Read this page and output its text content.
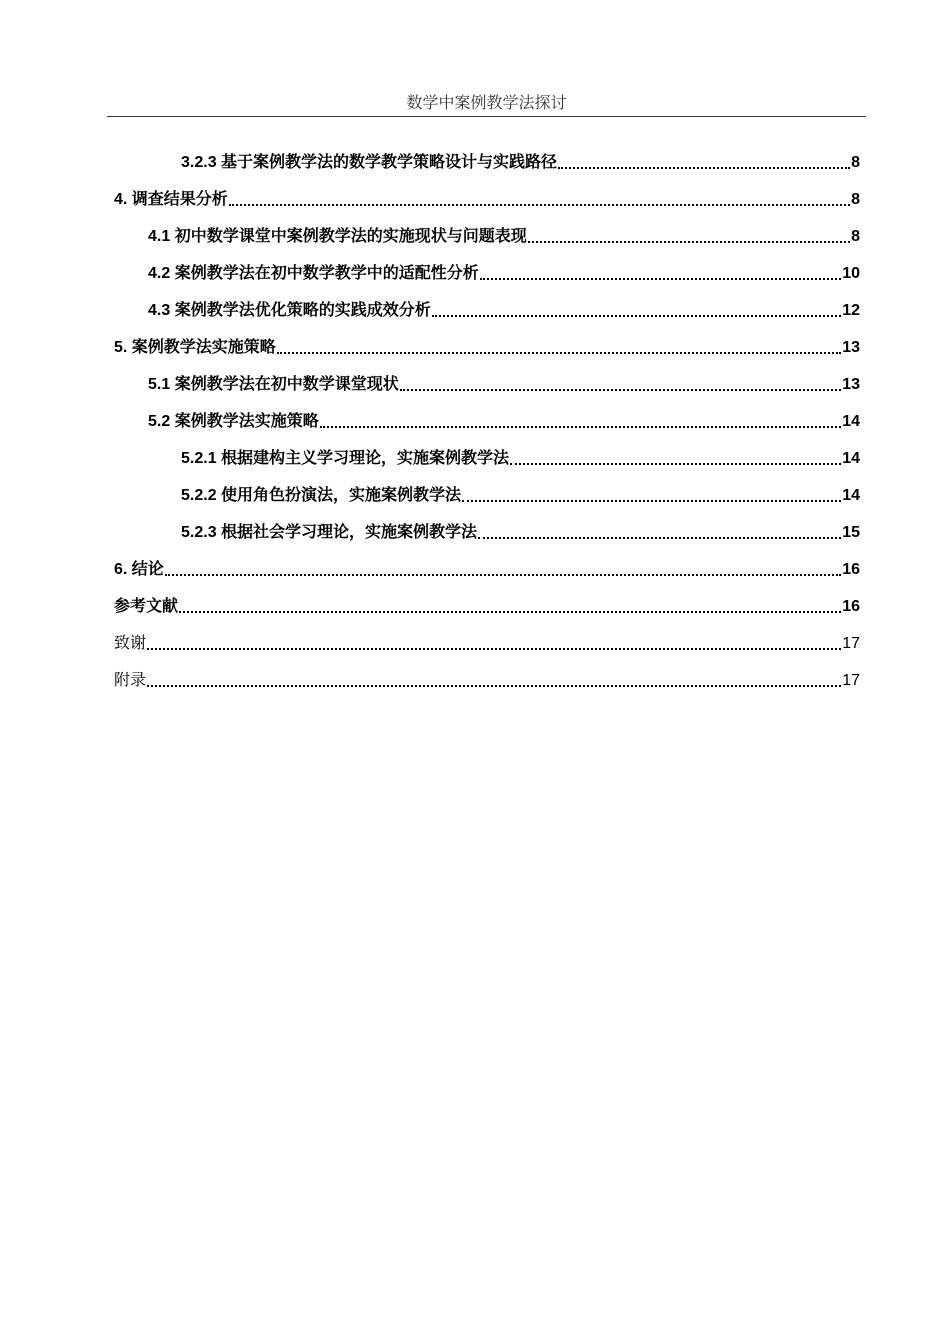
数学中案例教学法探讨
3.2.3 基于案例教学法的数学教学策略设计与实践路径	8
4. 调查结果分析	8
4.1 初中数学课堂中案例教学法的实施现状与问题表现	8
4.2 案例教学法在初中数学教学中的适配性分析	10
4.3 案例教学法优化策略的实践成效分析	12
5. 案例教学法实施策略	13
5.1 案例教学法在初中数学课堂现状	13
5.2 案例教学法实施策略	14
5.2.1 根据建构主义学习理论，实施案例教学法	14
5.2.2 使用角色扮演法，实施案例教学法	14
5.2.3 根据社会学习理论，实施案例教学法	15
6. 结论	16
参考文献	16
致谢	17
附录	17
